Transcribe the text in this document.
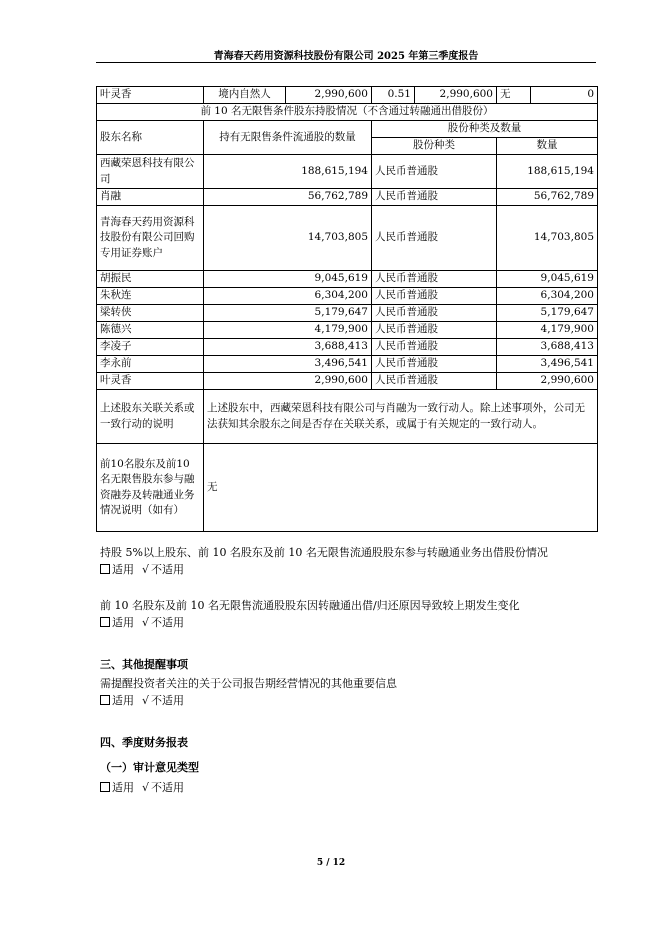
青海春天药用资源科技股份有限公司 2025 年第三季度报告
叶灵香	境内自然人	2,990,600	0.51	2,990,600	无	0
前 10 名无限售条件股东持股情况（不含通过转融通出借股份）						
股东名称	持有无限售条件流通股的数量		股份种类及数量			
			股份种类		数量	
西藏荣恩科技有限公司	188,615,194		人民币普通股		188,615,194	
肖融	56,762,789		人民币普通股		56,762,789	
青海春天药用资源科技股份有限公司回购专用证券账户	14,703,805		人民币普通股		14,703,805	
胡振民	9,045,619		人民币普通股		9,045,619	
朱秋连	6,304,200		人民币普通股		6,304,200	
梁转侠	5,179,647		人民币普通股		5,179,647	
陈德兴	4,179,900		人民币普通股		4,179,900	
李凌子	3,688,413		人民币普通股		3,688,413	
李永前	3,496,541		人民币普通股		3,496,541	
叶灵香	2,990,600		人民币普通股		2,990,600	
上述股东关联关系或一致行动的说明	上述股东中，西藏荣恩科技有限公司与肖融为一致行动人。除上述事项外，公司无法获知其余股东之间是否存在关联关系，或属于有关规定的一致行动人。					
前10名股东及前10名无限售股东参与融资融券及转融通业务情况说明（如有）	无					
持股 5%以上股东、前 10 名股东及前 10 名无限售流通股股东参与转融通业务出借股份情况
适用 √ 不适用
前 10 名股东及前 10 名无限售流通股股东因转融通出借/归还原因导致较上期发生变化
适用 √ 不适用
三、其他提醒事项
需提醒投资者关注的关于公司报告期经营情况的其他重要信息
适用 √ 不适用
四、季度财务报表
（一）审计意见类型
适用 √ 不适用
5 / 12
